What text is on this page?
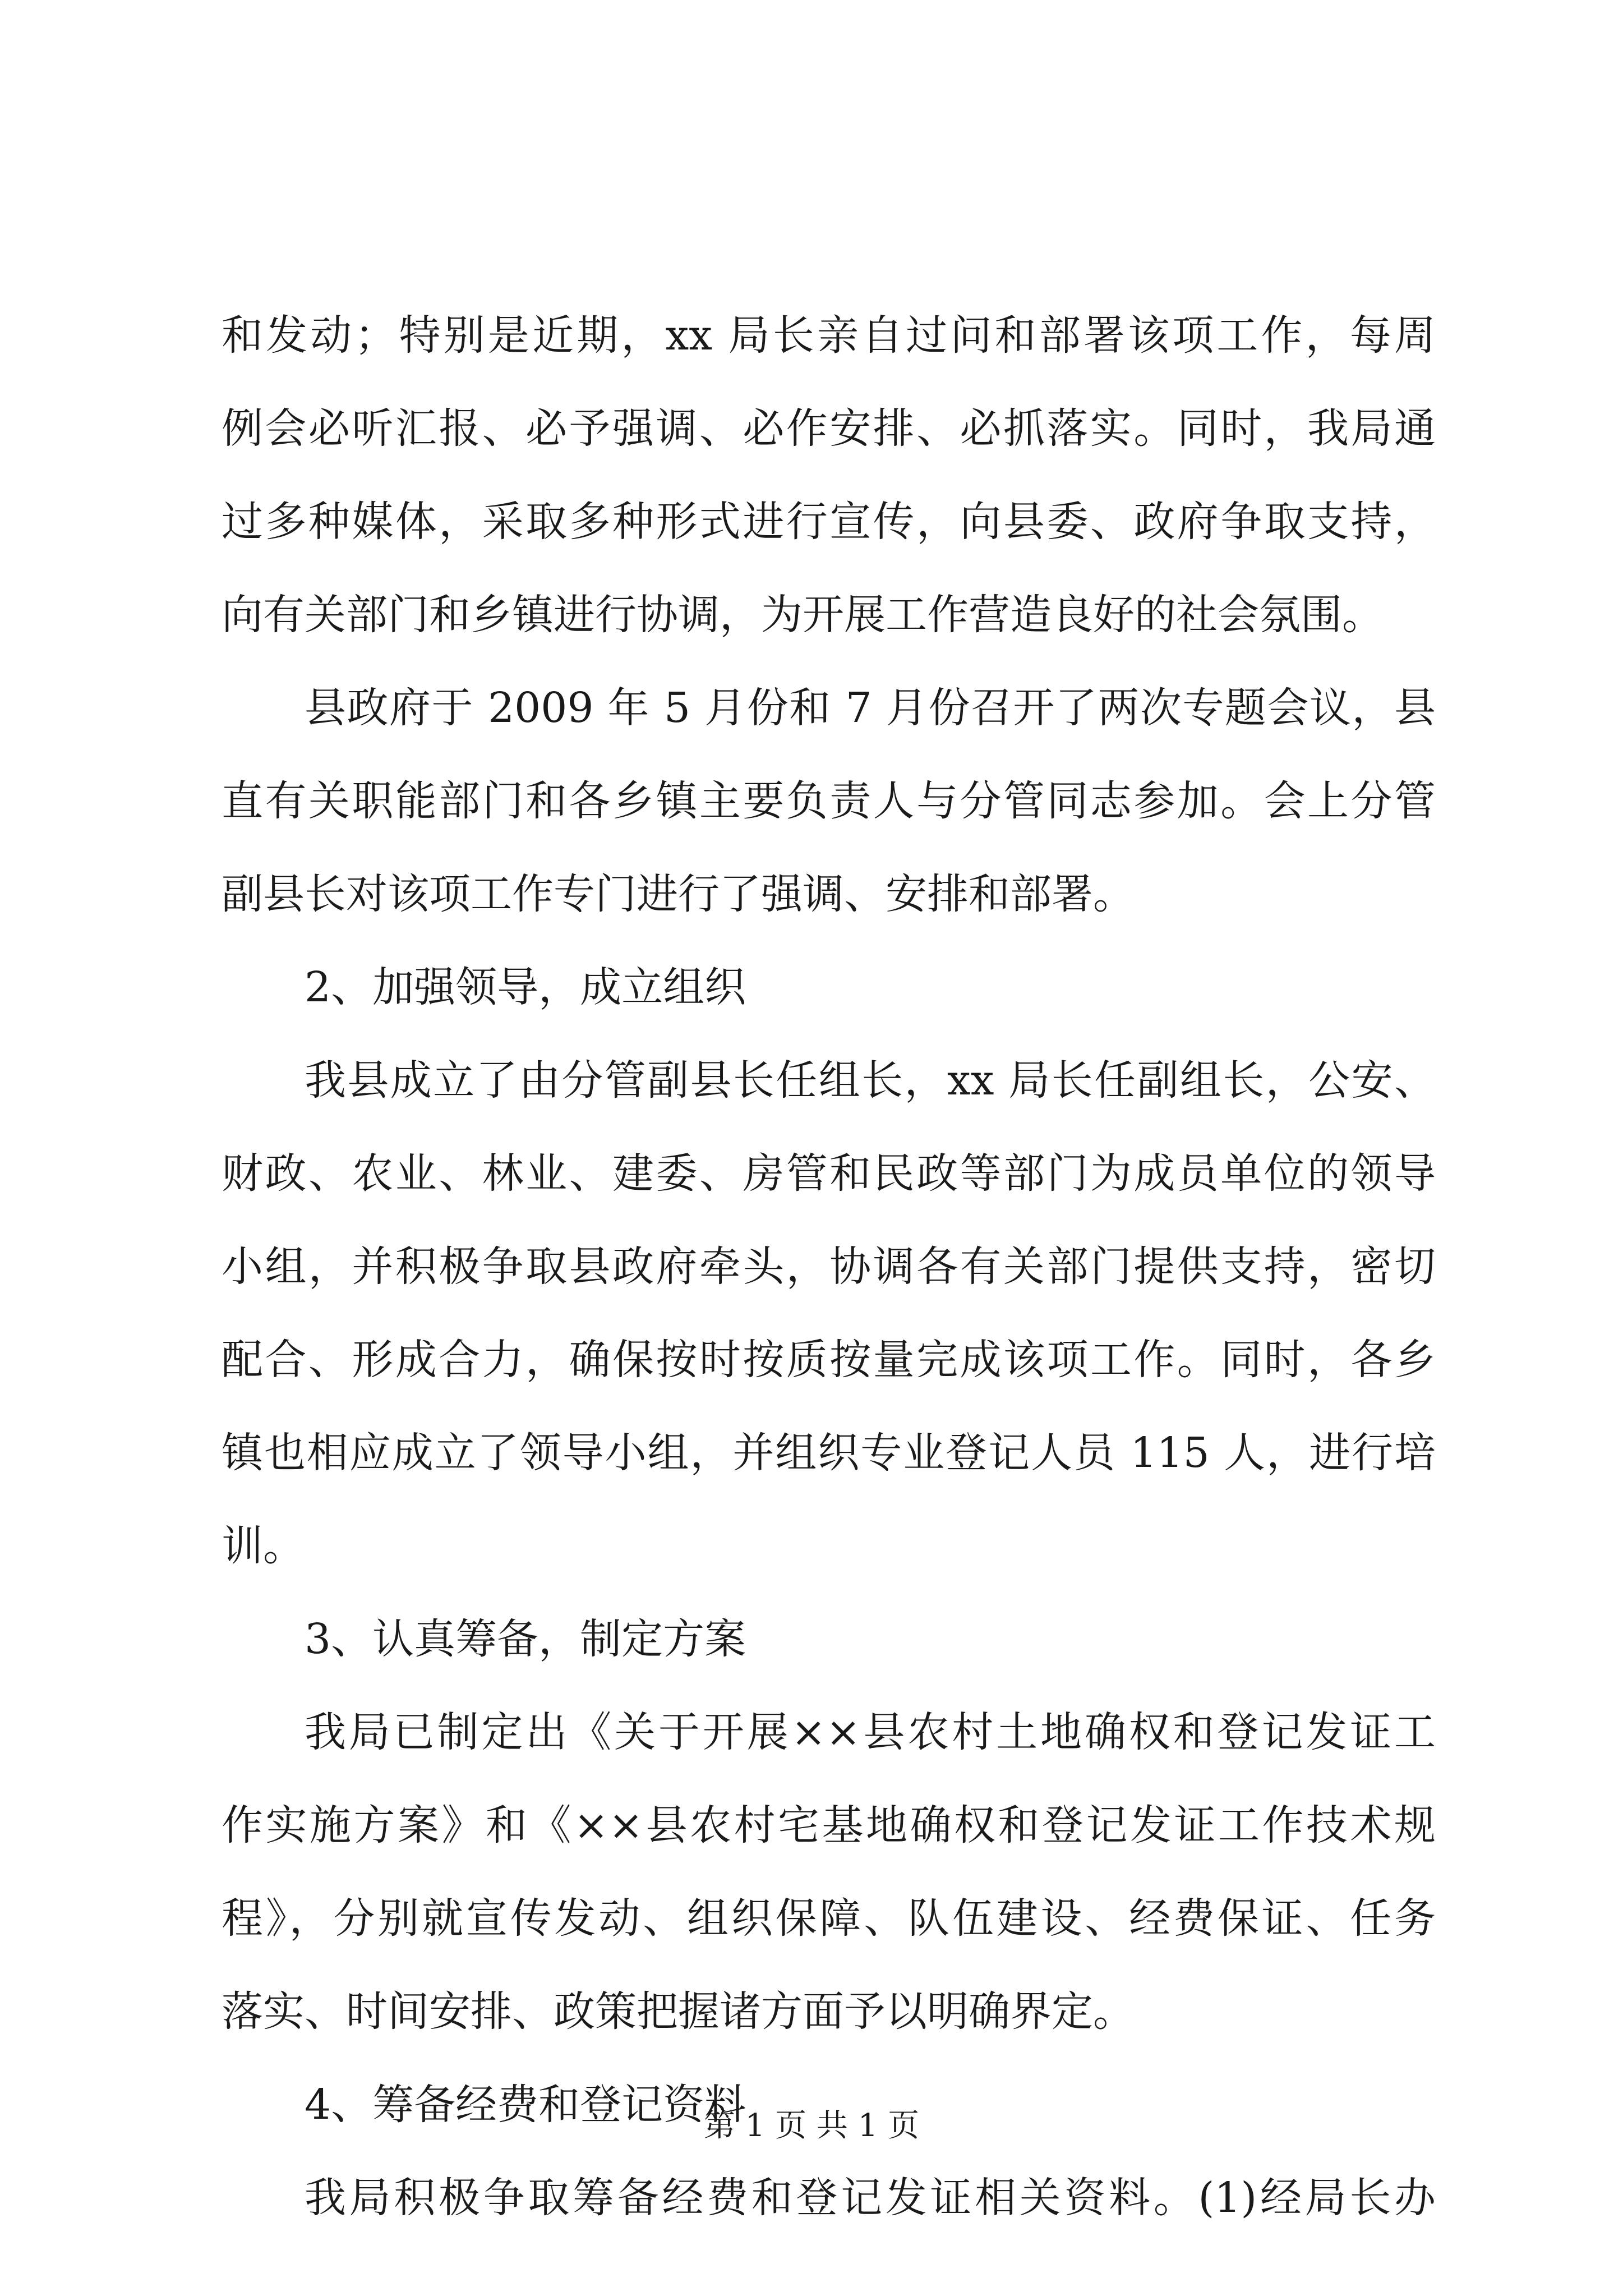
和发动；特别是近期，xx 局长亲自过问和部署该项工作，每周
例会必听汇报、必予强调、必作安排、必抓落实。同时，我局通
过多种媒体，采取多种形式进行宣传，向县委、政府争取支持，
向有关部门和乡镇进行协调，为开展工作营造良好的社会氛围。
县政府于 2009 年 5 月份和 7 月份召开了两次专题会议，县
直有关职能部门和各乡镇主要负责人与分管同志参加。会上分管
副县长对该项工作专门进行了强调、安排和部署。
2、加强领导，成立组织
我县成立了由分管副县长任组长，xx 局长任副组长，公安、
财政、农业、林业、建委、房管和民政等部门为成员单位的领导
小组，并积极争取县政府牵头，协调各有关部门提供支持，密切
配合、形成合力，确保按时按质按量完成该项工作。同时，各乡
镇也相应成立了领导小组，并组织专业登记人员 115 人，进行培
训。
3、认真筹备，制定方案
我局已制定出《关于开展××县农村土地确权和登记发证工
作实施方案》和《××县农村宅基地确权和登记发证工作技术规
程》，分别就宣传发动、组织保障、队伍建设、经费保证、任务
落实、时间安排、政策把握诸方面予以明确界定。
4、筹备经费和登记资料
我局积极争取筹备经费和登记发证相关资料。(1)经局长办
第 1 页 共 1 页
